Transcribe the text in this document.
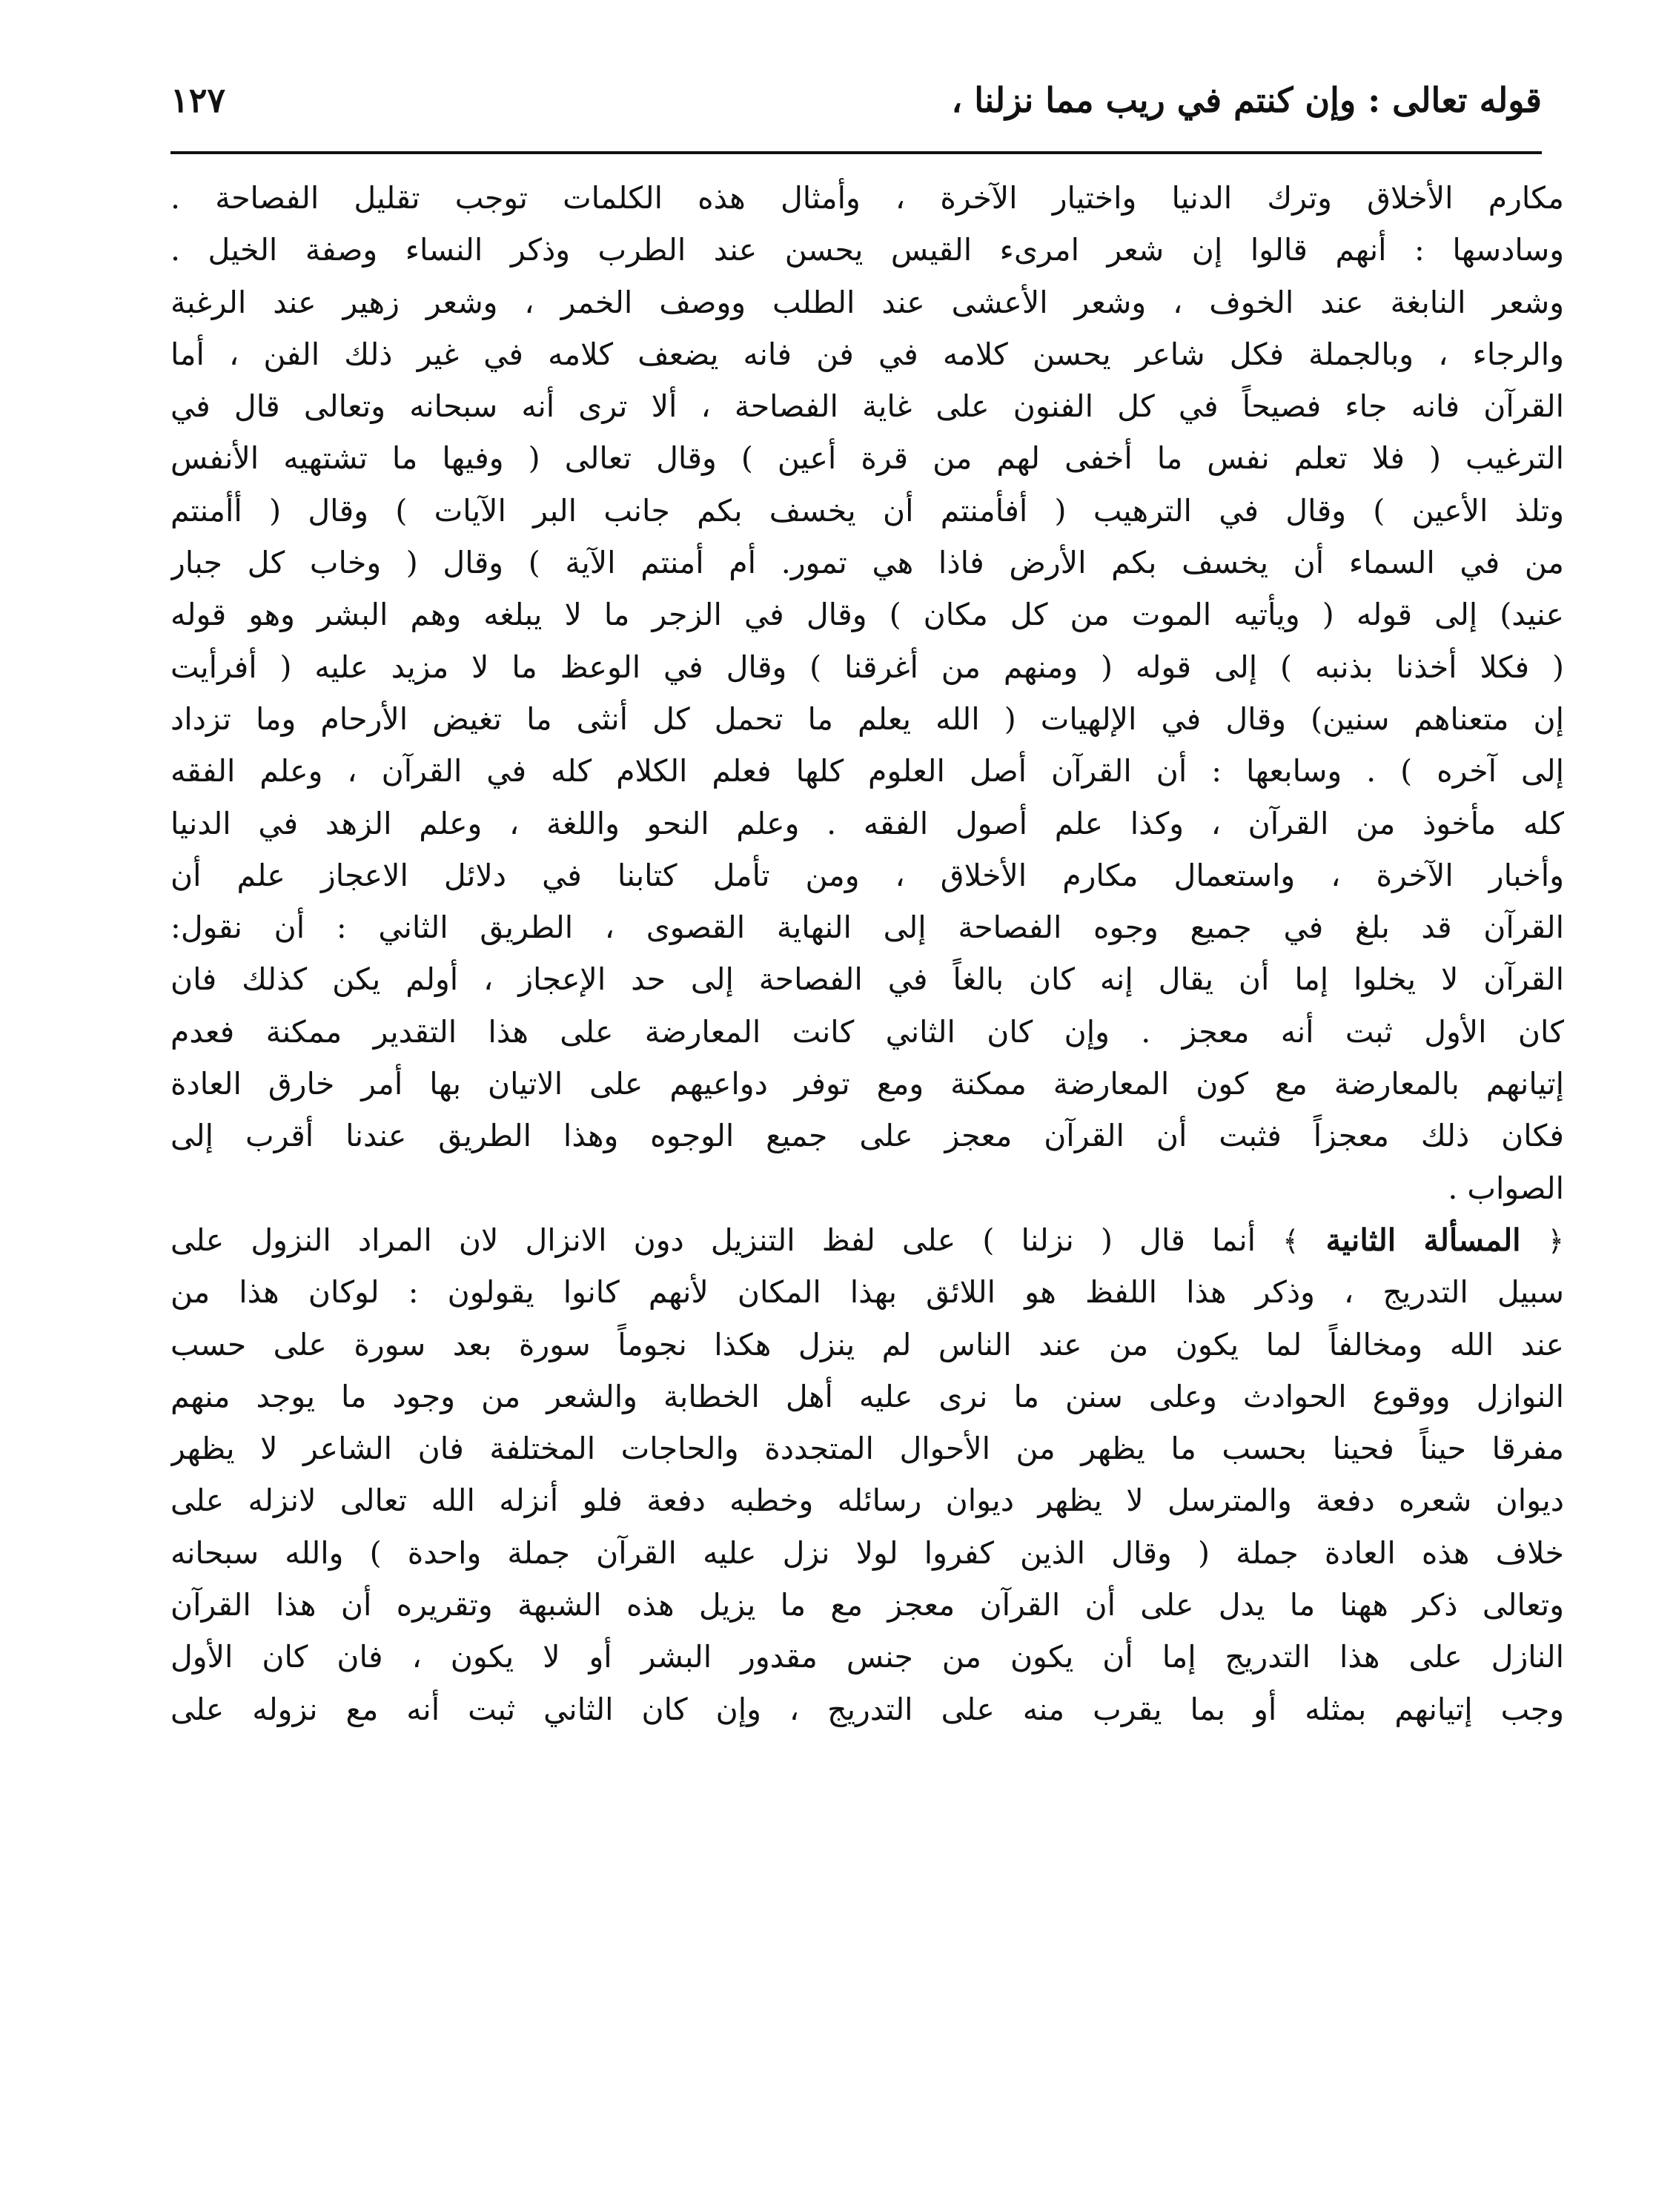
قوله تعالى : وإن كنتم في ريب مما نزلنا ،
١٢٧
مكارم الأخلاق وترك الدنيا واختيار الآخرة ، وأمثال هذه الكلمات توجب تقليل الفصاحة .
وسادسها : أنهم قالوا إن شعر امرىء القيس يحسن عند الطرب وذكر النساء وصفة الخيل .
وشعر النابغة عند الخوف ، وشعر الأعشى عند الطلب ووصف الخمر ، وشعر زهير عند الرغبة
والرجاء ، وبالجملة فكل شاعر يحسن كلامه في فن فانه يضعف كلامه في غير ذلك الفن ، أما
القرآن فانه جاء فصيحاً في كل الفنون على غاية الفصاحة ، ألا ترى أنه سبحانه وتعالى قال في
الترغيب ( فلا تعلم نفس ما أخفى لهم من قرة أعين ) وقال تعالى ( وفيها ما تشتهيه الأنفس
وتلذ الأعين ) وقال في الترهيب ( أفأمنتم أن يخسف بكم جانب البر الآيات ) وقال ( أأمنتم
من في السماء أن يخسف بكم الأرض فاذا هي تمور. أم أمنتم الآية ) وقال ( وخاب كل جبار
عنيد) إلى قوله ( ويأتيه الموت من كل مكان ) وقال في الزجر ما لا يبلغه وهم البشر وهو قوله
( فكلا أخذنا بذنبه ) إلى قوله ( ومنهم من أغرقنا ) وقال في الوعظ ما لا مزيد عليه ( أفرأيت
إن متعناهم سنين) وقال في الإلهيات ( الله يعلم ما تحمل كل أنثى ما تغيض الأرحام وما تزداد
إلى آخره ) . وسابعها : أن القرآن أصل العلوم كلها فعلم الكلام كله في القرآن ، وعلم الفقه
كله مأخوذ من القرآن ، وكذا علم أصول الفقه . وعلم النحو واللغة ، وعلم الزهد في الدنيا
وأخبار الآخرة ، واستعمال مكارم الأخلاق ، ومن تأمل كتابنا في دلائل الاعجاز علم أن
القرآن قد بلغ في جميع وجوه الفصاحة إلى النهاية القصوى ، الطريق الثاني : أن نقول:
القرآن لا يخلوا إما أن يقال إنه كان بالغاً في الفصاحة إلى حد الإعجاز ، أولم يكن كذلك فان
كان الأول ثبت أنه معجز . وإن كان الثاني كانت المعارضة على هذا التقدير ممكنة فعدم
إتيانهم بالمعارضة مع كون المعارضة ممكنة ومع توفر دواعيهم على الاتيان بها أمر خارق العادة
فكان ذلك معجزاً فثبت أن القرآن معجز على جميع الوجوه وهذا الطريق عندنا أقرب إلى
الصواب .
﴿ المسألة الثانية ﴾ أنما قال ( نزلنا ) على لفظ التنزيل دون الانزال لان المراد النزول على
سبيل التدريج ، وذكر هذا اللفظ هو اللائق بهذا المكان لأنهم كانوا يقولون : لوكان هذا من
عند الله ومخالفاً لما يكون من عند الناس لم ينزل هكذا نجوماً سورة بعد سورة على حسب
النوازل ووقوع الحوادث وعلى سنن ما نرى عليه أهل الخطابة والشعر من وجود ما يوجد منهم
مفرقا حيناً فحينا بحسب ما يظهر من الأحوال المتجددة والحاجات المختلفة فان الشاعر لا يظهر
ديوان شعره دفعة والمترسل لا يظهر ديوان رسائله وخطبه دفعة فلو أنزله الله تعالى لانزله على
خلاف هذه العادة جملة ( وقال الذين كفروا لولا نزل عليه القرآن جملة واحدة ) والله سبحانه
وتعالى ذكر ههنا ما يدل على أن القرآن معجز مع ما يزيل هذه الشبهة وتقريره أن هذا القرآن
النازل على هذا التدريج إما أن يكون من جنس مقدور البشر أو لا يكون ، فان كان الأول
وجب إتيانهم بمثله أو بما يقرب منه على التدريج ، وإن كان الثاني ثبت أنه مع نزوله على
